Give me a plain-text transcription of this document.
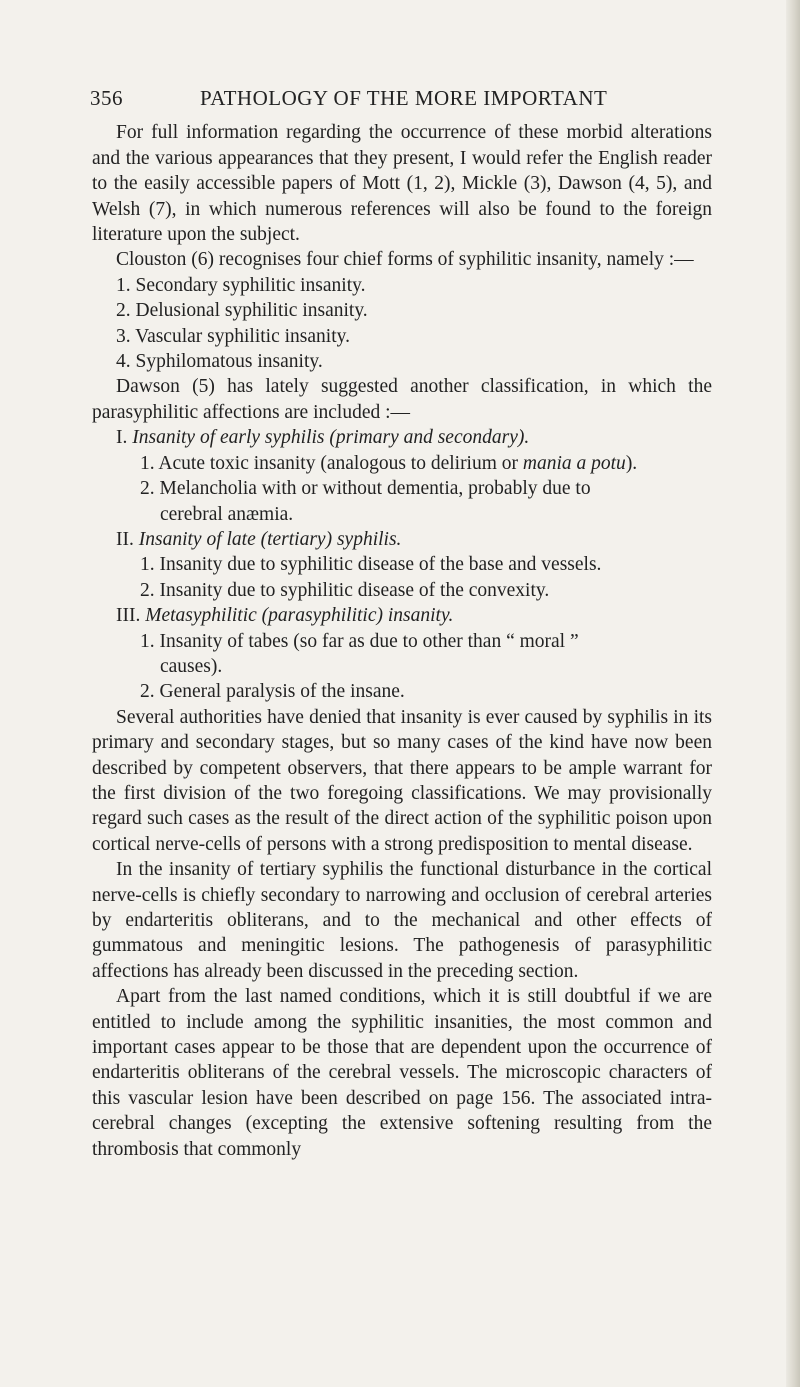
356	PATHOLOGY OF THE MORE IMPORTANT

For full information regarding the occurrence of these morbid alterations and the various appearances that they present, I would refer the English reader to the easily accessible papers of Mott (1, 2), Mickle (3), Dawson (4, 5), and Welsh (7), in which numerous references will also be found to the foreign literature upon the subject.

Clouston (6) recognises four chief forms of syphilitic insanity, namely :—

1. Secondary syphilitic insanity.

2. Delusional syphilitic insanity.

3. Vascular syphilitic insanity.

4. Syphilomatous insanity.

Dawson (5) has lately suggested another classification, in which the parasyphilitic affections are included :—

I. Insanity of early syphilis (primary and secondary).

1. Acute toxic insanity (analogous to delirium or mania a potu).

2. Melancholia with or without dementia, probably due to
cerebral anæmia.

II. Insanity of late (tertiary) syphilis.

1. Insanity due to syphilitic disease of the base and vessels.

2. Insanity due to syphilitic disease of the convexity.

III. Metasyphilitic (parasyphilitic) insanity.

1. Insanity of tabes (so far as due to other than “ moral ”
causes).

2. General paralysis of the insane.

Several authorities have denied that insanity is ever caused by syphilis in its primary and secondary stages, but so many cases of the kind have now been described by competent observers, that there appears to be ample warrant for the first division of the two foregoing classifications. We may provisionally regard such cases as the result of the direct action of the syphilitic poison upon cortical nerve-cells of persons with a strong predisposition to mental disease.

In the insanity of tertiary syphilis the functional disturbance in the cortical nerve-cells is chiefly secondary to narrowing and occlusion of cerebral arteries by endarteritis obliterans, and to the mechanical and other effects of gummatous and meningitic lesions. The pathogenesis of parasyphilitic affections has already been discussed in the preceding section.

Apart from the last named conditions, which it is still doubtful if we are entitled to include among the syphilitic insanities, the most common and important cases appear to be those that are dependent upon the occurrence of endarteritis obliterans of the cerebral vessels. The microscopic characters of this vascular lesion have been described on page 156. The associated intra-cerebral changes (excepting the extensive softening resulting from the thrombosis that commonly
